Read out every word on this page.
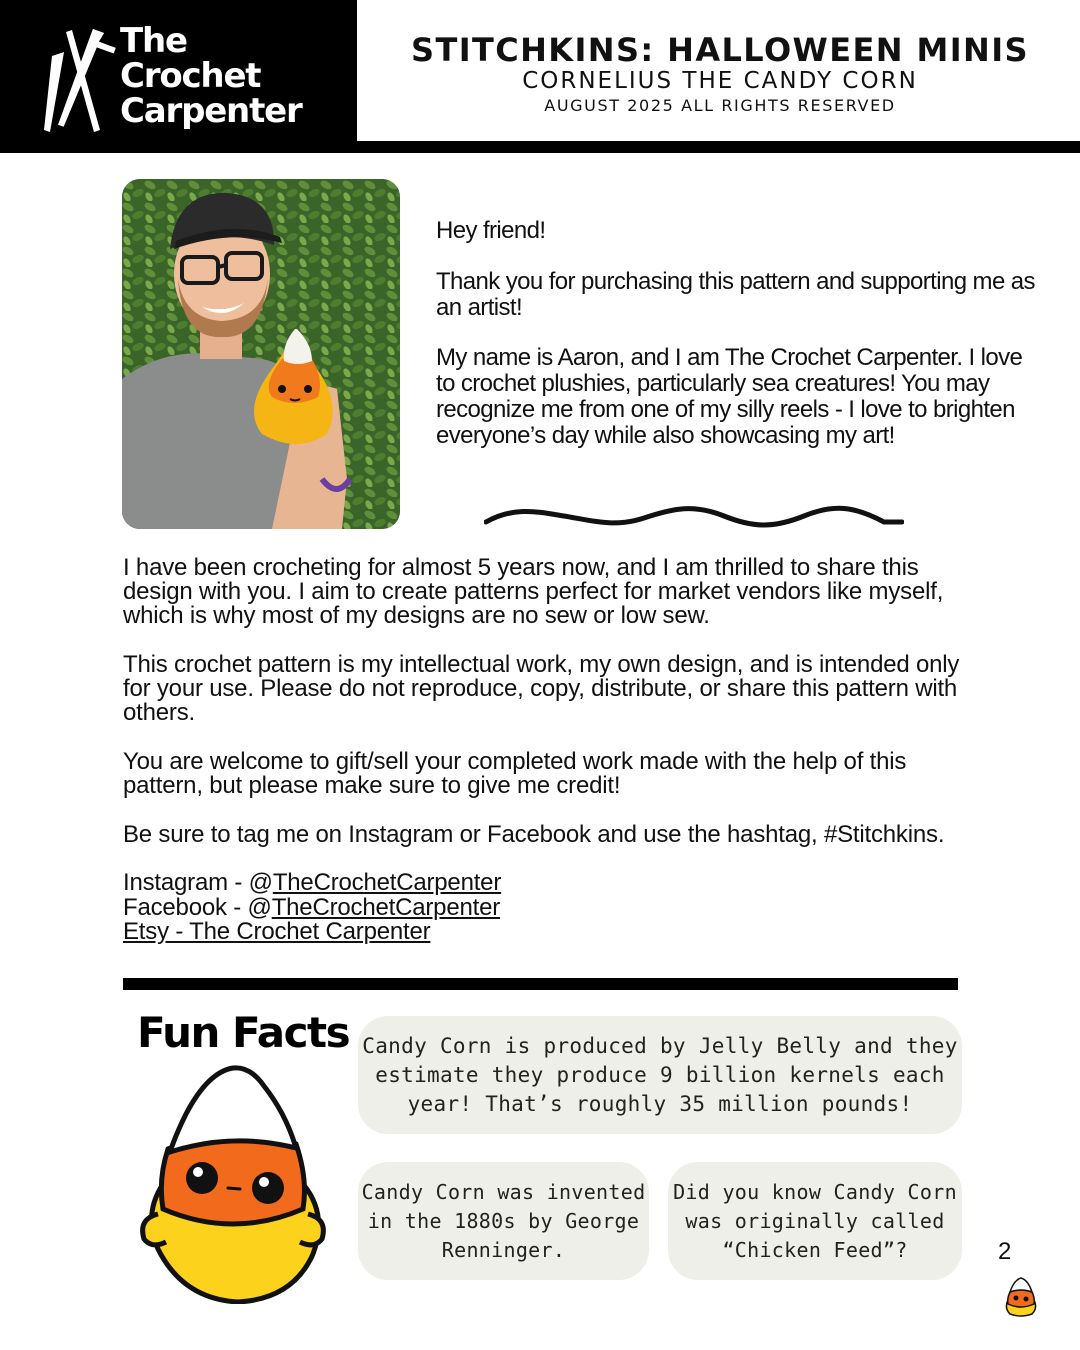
The
Crochet
Carpenter
STITCHKINS: HALLOWEEN MINIS
CORNELIUS THE CANDY CORN
AUGUST 2025 ALL RIGHTS RESERVED

Hey friend!

Thank you for purchasing this pattern and supporting me as an artist!

My name is Aaron, and I am The Crochet Carpenter. I love to crochet plushies, particularly sea creatures! You may recognize me from one of my silly reels - I love to brighten everyone’s day while also showcasing my art!

I have been crocheting for almost 5 years now, and I am thrilled to share this design with you. I aim to create patterns perfect for market vendors like myself, which is why most of my designs are no sew or low sew.

This crochet pattern is my intellectual work, my own design, and is intended only for your use. Please do not reproduce, copy, distribute, or share this pattern with others.

You are welcome to gift/sell your completed work made with the help of this pattern, but please make sure to give me credit!

Be sure to tag me on Instagram or Facebook and use the hashtag, #Stitchkins.

Instagram - @TheCrochetCarpenter

Facebook - @TheCrochetCarpenter

Etsy - The Crochet Carpenter

Fun Facts Candy Corn is produced by Jelly Belly and they estimate they produce 9 billion kernels each year! That’s roughly 35 million pounds!
Candy Corn was invented in the 1880s by George Renninger.
Did you know Candy Corn was originally called “Chicken Feed”?	2
